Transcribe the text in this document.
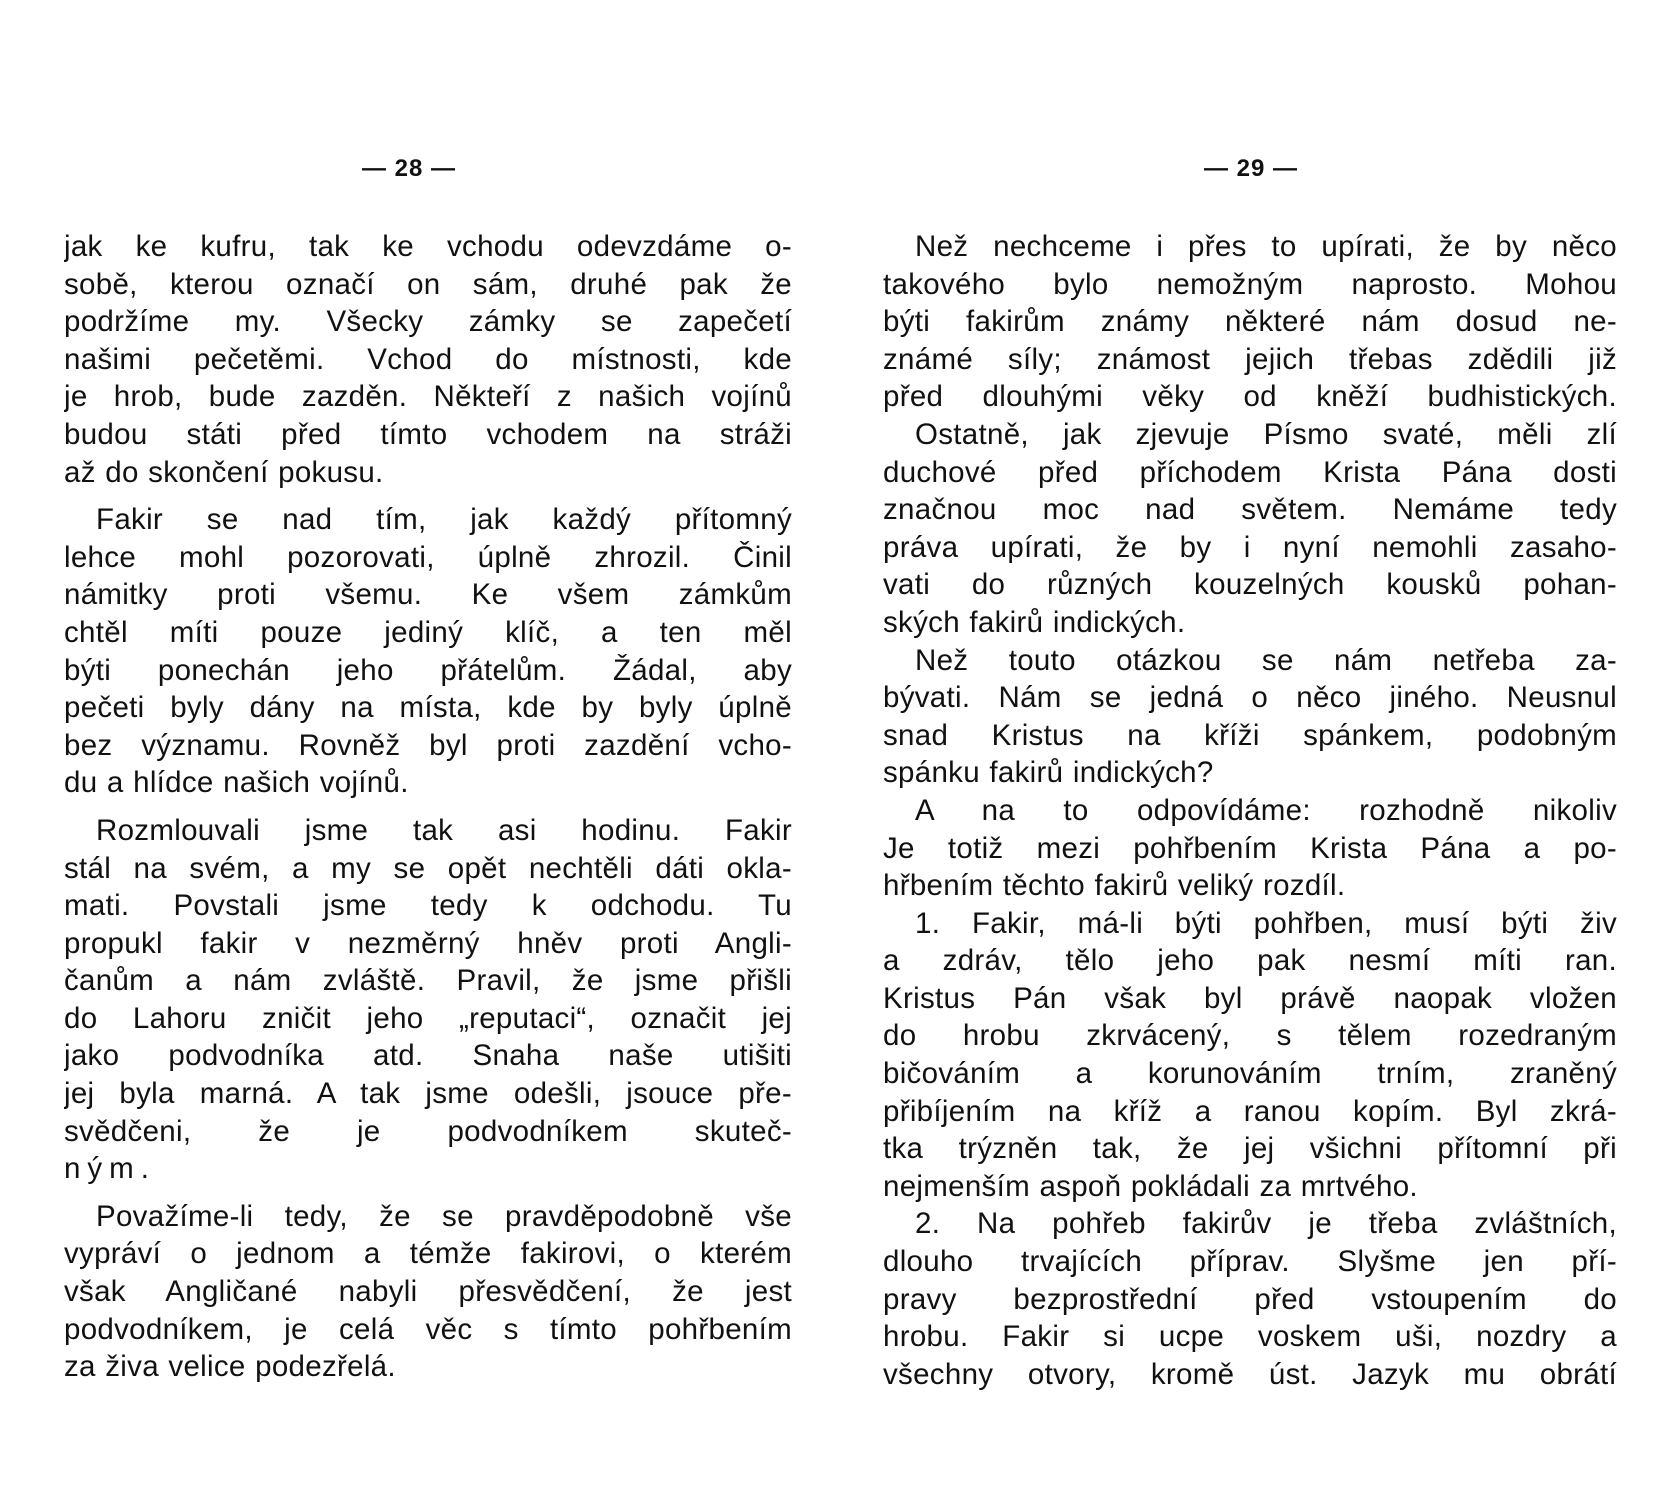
— 28 —
jak ke kufru, tak ke vchodu odevzdáme o-
sobě, kterou označí on sám, druhé pak že
podržíme my. Všecky zámky se zapečetí
našimi pečetěmi. Vchod do místnosti, kde
je hrob, bude zazděn. Někteří z našich vojínů
budou státi před tímto vchodem na stráži
až do skončení pokusu.
Fakir se nad tím, jak každý přítomný
lehce mohl pozorovati, úplně zhrozil. Činil
námitky proti všemu. Ke všem zámkům
chtěl míti pouze jediný klíč, a ten měl
býti ponechán jeho přátelům. Žádal, aby
pečeti byly dány na místa, kde by byly úplně
bez významu. Rovněž byl proti zazdění vcho-
du a hlídce našich vojínů.
Rozmlouvali jsme tak asi hodinu. Fakir
stál na svém, a my se opět nechtěli dáti okla-
mati. Povstali jsme tedy k odchodu. Tu
propukl fakir v nezměrný hněv proti Angli-
čanům a nám zvláště. Pravil, že jsme přišli
do Lahoru zničit jeho „reputaci“, označit jej
jako podvodníka atd. Snaha naše utišiti
jej byla marná. A tak jsme odešli, jsouce pře-
svědčeni, že je podvodníkem skuteč-
ným.
Považíme-li tedy, že se pravděpodobně vše
vypráví o jednom a témže fakirovi, o kterém
však Angličané nabyli přesvědčení, že jest
podvodníkem, je celá věc s tímto pohřbením
za živa velice podezřelá.
— 29 —
Než nechceme i přes to upírati, že by něco
takového bylo nemožným naprosto. Mohou
býti fakirům známy některé nám dosud ne-
známé síly; známost jejich třebas zdědili již
před dlouhými věky od kněží budhistických.
Ostatně, jak zjevuje Písmo svaté, měli zlí
duchové před příchodem Krista Pána dosti
značnou moc nad světem. Nemáme tedy
práva upírati, že by i nyní nemohli zasaho-
vati do různých kouzelných kousků pohan-
ských fakirů indických.
Než touto otázkou se nám netřeba za-
bývati. Nám se jedná o něco jiného. Neusnul
snad Kristus na kříži spánkem, podobným
spánku fakirů indických?
A na to odpovídáme: rozhodně nikoliv
Je totiž mezi pohřbením Krista Pána a po-
hřbením těchto fakirů veliký rozdíl.
1. Fakir, má-li býti pohřben, musí býti živ
a zdráv, tělo jeho pak nesmí míti ran.
Kristus Pán však byl právě naopak vložen
do hrobu zkrvácený, s tělem rozedraným
bičováním a korunováním trním, zraněný
přibíjením na kříž a ranou kopím. Byl zkrá-
tka trýzněn tak, že jej všichni přítomní při
nejmenším aspoň pokládali za mrtvého.
2. Na pohřeb fakirův je třeba zvláštních,
dlouho trvajících příprav. Slyšme jen pří-
pravy bezprostřední před vstoupením do
hrobu. Fakir si ucpe voskem uši, nozdry a
všechny otvory, kromě úst. Jazyk mu obrátí
